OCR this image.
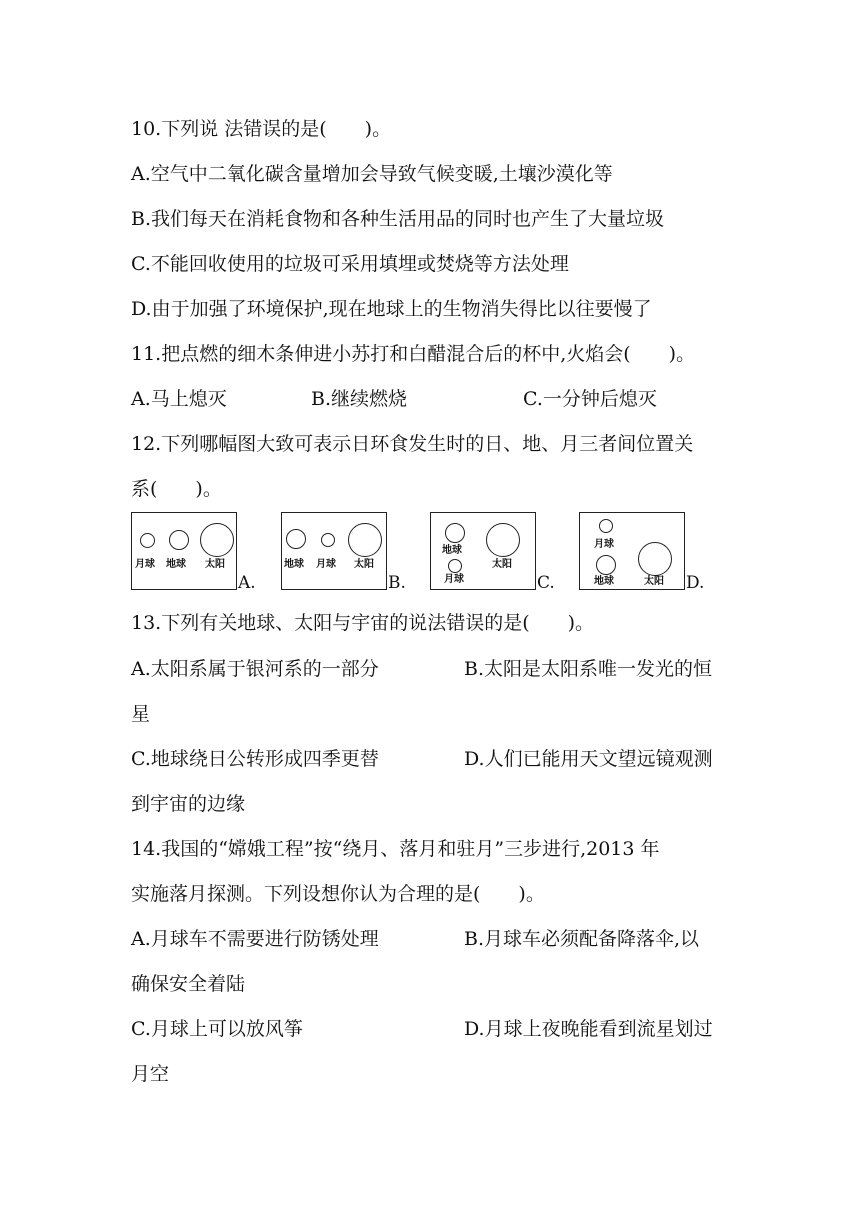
10.下列说 法错误的是(　　)。
A.空气中二氧化碳含量增加会导致气候变暖,土壤沙漠化等
B.我们每天在消耗食物和各种生活用品的同时也产生了大量垃圾
C.不能回收使用的垃圾可采用填埋或焚烧等方法处理
D.由于加强了环境保护,现在地球上的生物消失得比以往要慢了
11.把点燃的细木条伸进小苏打和白醋混合后的杯中,火焰会(　　)。
A.马上熄灭	B.继续燃烧	C.一分钟后熄灭
12.下列哪幅图大致可表示日环食发生时的日、地、月三者间位置关
系(　　)。
月球 地球 太阳
A.
地球 月球 太阳
B.
地球
太阳
月球	C.
月球
地球	太阳 D.
13.下列有关地球、太阳与宇宙的说法错误的是(　　)。
A.太阳系属于银河系的一部分	B.太阳是太阳系唯一发光的恒
星
C.地球绕日公转形成四季更替	D.人们已能用天文望远镜观测
到宇宙的边缘
14.我国的“嫦娥工程”按“绕月、落月和驻月”三步进行,2013 年
实施落月探测。下列设想你认为合理的是(　　)。
A.月球车不需要进行防锈处理	B.月球车必须配备降落伞,以
确保安全着陆
C.月球上可以放风筝	D.月球上夜晚能看到流星划过
月空
